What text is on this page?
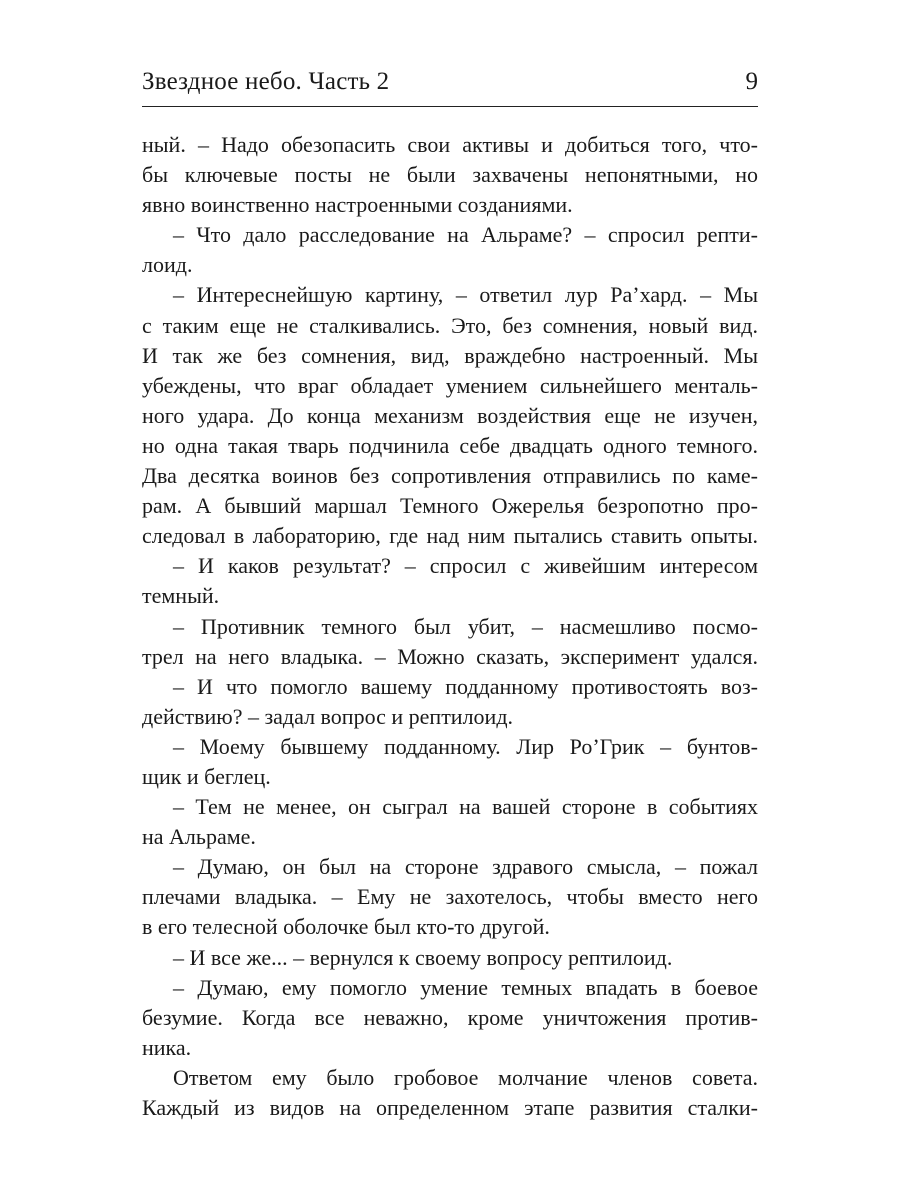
Звездное небо. Часть 2	9
ный. – Надо обезопасить свои активы и добиться того, что-
бы ключевые посты не были захвачены непонятными, но
явно воинственно настроенными созданиями.
– Что дало расследование на Альраме? – спросил репти-
лоид.
– Интереснейшую картину, – ответил лур Ра’хард. – Мы
с таким еще не сталкивались. Это, без сомнения, новый вид.
И так же без сомнения, вид, враждебно настроенный. Мы
убеждены, что враг обладает умением сильнейшего менталь-
ного удара. До конца механизм воздействия еще не изучен,
но одна такая тварь подчинила себе двадцать одного темного.
Два десятка воинов без сопротивления отправились по каме-
рам. А бывший маршал Темного Ожерелья безропотно про-
следовал в лабораторию, где над ним пытались ставить опыты.
– И каков результат? – спросил с живейшим интересом
темный.
– Противник темного был убит, – насмешливо посмо-
трел на него владыка. – Можно сказать, эксперимент удался.
– И что помогло вашему подданному противостоять воз-
действию? – задал вопрос и рептилоид.
– Моему бывшему подданному. Лир Ро’Грик – бунтов-
щик и беглец.
– Тем не менее, он сыграл на вашей стороне в событиях
на Альраме.
– Думаю, он был на стороне здравого смысла, – пожал
плечами владыка. – Ему не захотелось, чтобы вместо него
в его телесной оболочке был кто-то другой.
– И все же... – вернулся к своему вопросу рептилоид.
– Думаю, ему помогло умение темных впадать в боевое
безумие. Когда все неважно, кроме уничтожения против-
ника.
Ответом ему было гробовое молчание членов совета.
Каждый из видов на определенном этапе развития сталки-
